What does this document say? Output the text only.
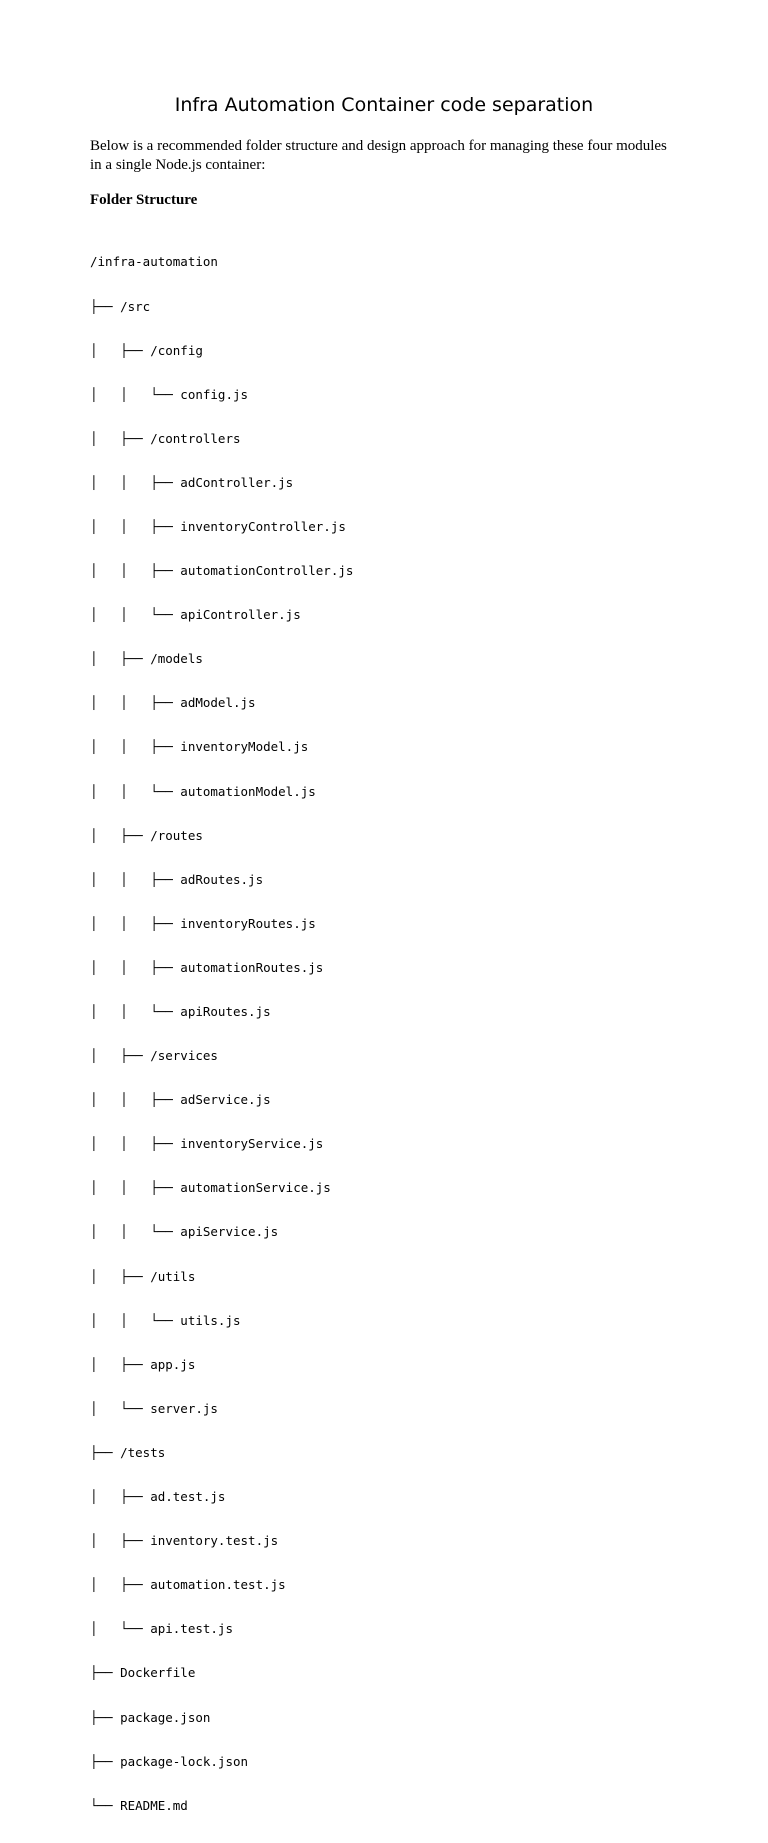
Infra Automation Container code separation

Below is a recommended folder structure and design approach for managing these four modules in a single Node.js container:

Folder Structure

/infra-automation

├── /src

│   ├── /config

│   │   └── config.js

│   ├── /controllers

│   │   ├── adController.js

│   │   ├── inventoryController.js

│   │   ├── automationController.js

│   │   └── apiController.js

│   ├── /models

│   │   ├── adModel.js

│   │   ├── inventoryModel.js

│   │   └── automationModel.js

│   ├── /routes

│   │   ├── adRoutes.js

│   │   ├── inventoryRoutes.js

│   │   ├── automationRoutes.js

│   │   └── apiRoutes.js

│   ├── /services

│   │   ├── adService.js

│   │   ├── inventoryService.js

│   │   ├── automationService.js

│   │   └── apiService.js

│   ├── /utils

│   │   └── utils.js

│   ├── app.js

│   └── server.js

├── /tests

│   ├── ad.test.js

│   ├── inventory.test.js

│   ├── automation.test.js

│   └── api.test.js

├── Dockerfile

├── package.json

├── package-lock.json

└── README.md
